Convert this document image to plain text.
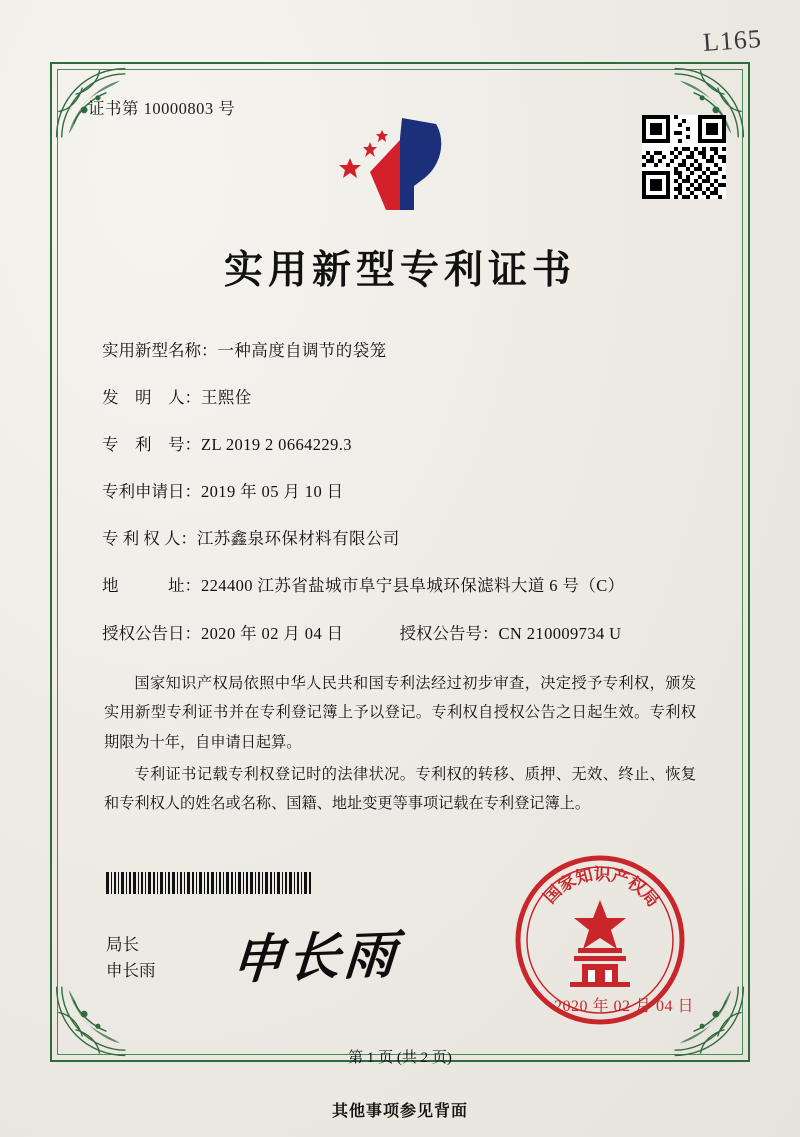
L165
证书第 10000803 号
实用新型专利证书
实用新型名称： 一种高度自调节的袋笼
发　明　人： 王熙佺
专　利　号： ZL 2019 2 0664229.3
专利申请日： 2019 年 05 月 10 日
专 利 权 人： 江苏鑫泉环保材料有限公司
地　　　址： 224400 江苏省盐城市阜宁县阜城环保滤料大道 6 号（C）
授权公告日： 2020 年 02 月 04 日	授权公告号： CN 210009734 U

国家知识产权局依照中华人民共和国专利法经过初步审查，决定授予专利权，颁发实用新型专利证书并在专利登记簿上予以登记。专利权自授权公告之日起生效。专利权期限为十年，自申请日起算。

专利证书记载专利权登记时的法律状况。专利权的转移、质押、无效、终止、恢复和专利权人的姓名或名称、国籍、地址变更等事项记载在专利登记簿上。

申长雨
局长
申长雨
国
家
知
识
产
权
局
2020 年 02 月 04 日
第 1 页 (共 2 页)
其他事项参见背面
